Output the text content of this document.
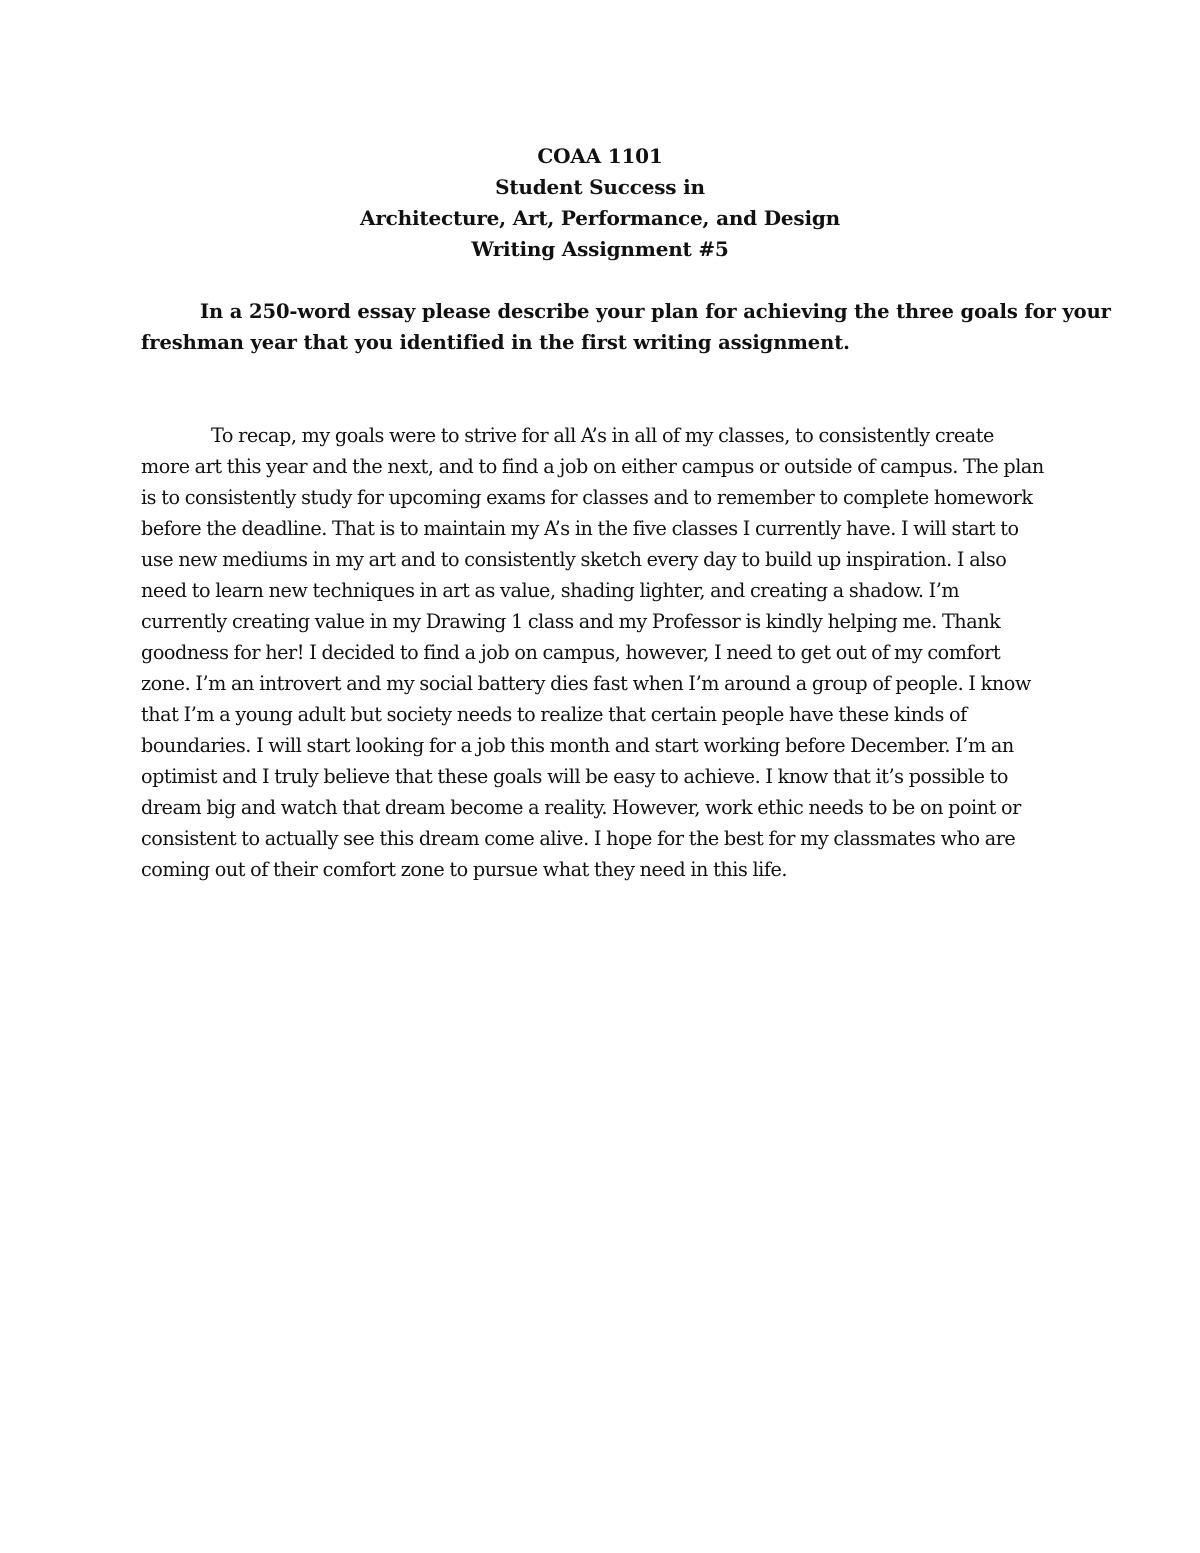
COAA 1101
Student Success in
Architecture, Art, Performance, and Design
Writing Assignment #5
In a 250-word essay please describe your plan for achieving the three goals for your
freshman year that you identified in the first writing assignment.
To recap, my goals were to strive for all A’s in all of my classes, to consistently create
more art this year and the next, and to find a job on either campus or outside of campus. The plan
is to consistently study for upcoming exams for classes and to remember to complete homework
before the deadline. That is to maintain my A’s in the five classes I currently have. I will start to
use new mediums in my art and to consistently sketch every day to build up inspiration. I also
need to learn new techniques in art as value, shading lighter, and creating a shadow. I’m
currently creating value in my Drawing 1 class and my Professor is kindly helping me. Thank
goodness for her! I decided to find a job on campus, however, I need to get out of my comfort
zone. I’m an introvert and my social battery dies fast when I’m around a group of people. I know
that I’m a young adult but society needs to realize that certain people have these kinds of
boundaries. I will start looking for a job this month and start working before December. I’m an
optimist and I truly believe that these goals will be easy to achieve. I know that it’s possible to
dream big and watch that dream become a reality. However, work ethic needs to be on point or
consistent to actually see this dream come alive. I hope for the best for my classmates who are
coming out of their comfort zone to pursue what they need in this life.
